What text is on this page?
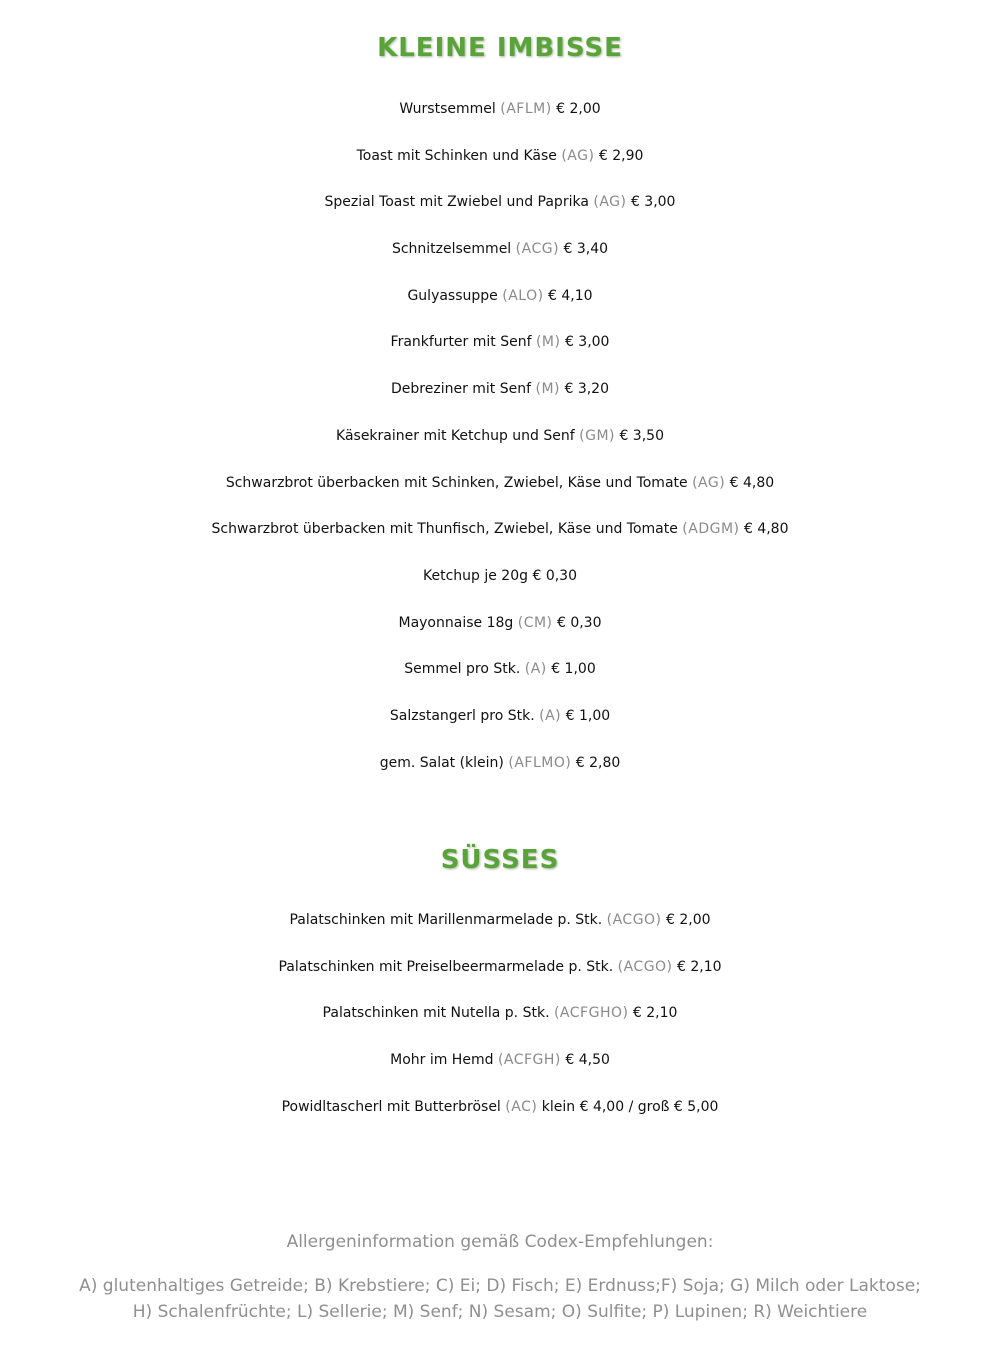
KLEINE IMBISSE
Wurstsemmel (AFLM) € 2,00
Toast mit Schinken und Käse (AG) € 2,90
Spezial Toast mit Zwiebel und Paprika (AG) € 3,00
Schnitzelsemmel (ACG) € 3,40
Gulyassuppe (ALO) € 4,10
Frankfurter mit Senf (M) € 3,00
Debreziner mit Senf (M) € 3,20
Käsekrainer mit Ketchup und Senf (GM) € 3,50
Schwarzbrot überbacken mit Schinken, Zwiebel, Käse und Tomate (AG) € 4,80
Schwarzbrot überbacken mit Thunfisch, Zwiebel, Käse und Tomate (ADGM) € 4,80
Ketchup je 20g € 0,30
Mayonnaise 18g (CM) € 0,30
Semmel pro Stk. (A) € 1,00
Salzstangerl pro Stk. (A) € 1,00
gem. Salat (klein) (AFLMO) € 2,80
SÜSSES
Palatschinken mit Marillenmarmelade p. Stk. (ACGO) € 2,00
Palatschinken mit Preiselbeermarmelade p. Stk. (ACGO) € 2,10
Palatschinken mit Nutella p. Stk. (ACFGHO) € 2,10
Mohr im Hemd (ACFGH) € 4,50
Powidltascherl mit Butterbrösel (AC) klein € 4,00 / groß € 5,00
Allergeninformation gemäß Codex-Empfehlungen:
A) glutenhaltiges Getreide; B) Krebstiere; C) Ei; D) Fisch; E) Erdnuss;F) Soja; G) Milch oder Laktose; H) Schalenfrüchte; L) Sellerie; M) Senf; N) Sesam; O) Sulfite; P) Lupinen; R) Weichtiere
